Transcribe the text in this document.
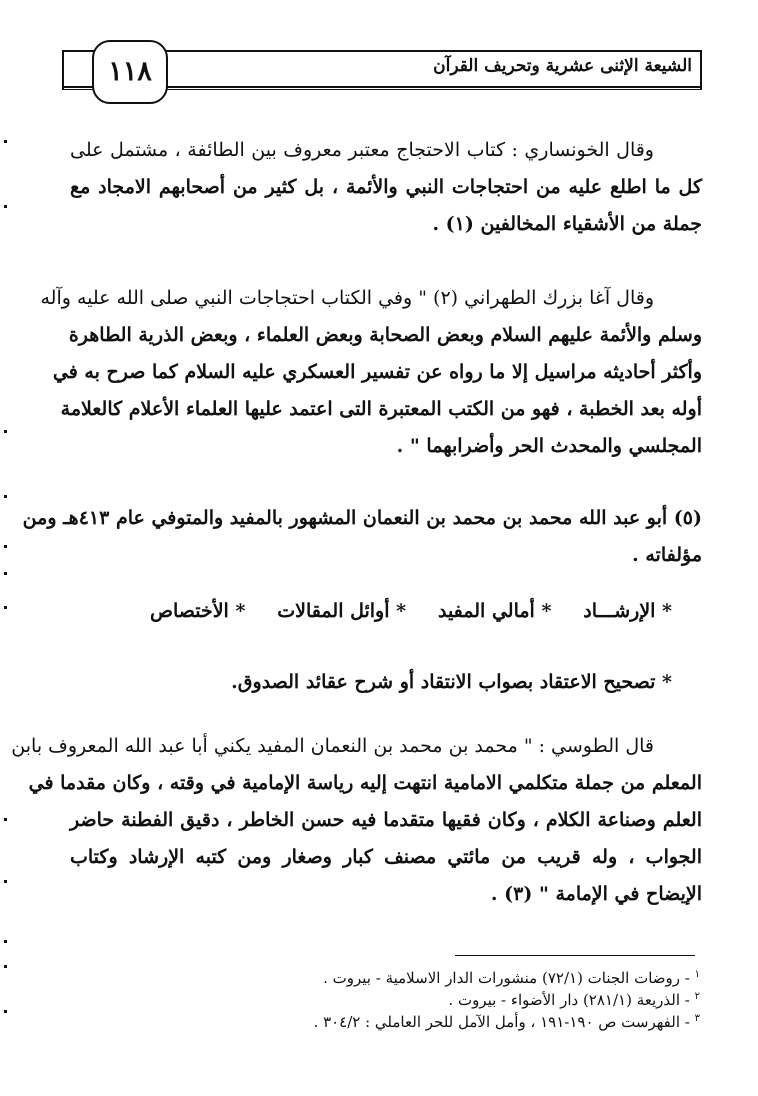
الشيعة الإثنى عشرية وتحريف القرآن
١١٨
وقال الخونساري : كتاب الاحتجاج معتبر معروف بين الطائفة ، مشتمل على
كل ما اطلع عليه من احتجاجات النبي والأئمة ، بل كثير من أصحابهم الامجاد مع
جملة من الأشقياء المخالفين (١) .
وقال آغا بزرك الطهراني (٢) " وفي الكتاب احتجاجات النبي صلى الله عليه وآله
وسلم والأئمة عليهم السلام وبعض الصحابة وبعض العلماء ، وبعض الذرية الطاهرة
وأكثر أحاديثه مراسيل إلا ما رواه عن تفسير العسكري عليه السلام كما صرح به في
أوله بعد الخطبة ، فهو من الكتب المعتبرة التى اعتمد عليها العلماء الأعلام كالعلامة
المجلسي والمحدث الحر وأضرابهما " .
(٥) أبو عبد الله محمد بن محمد بن النعمان المشهور بالمفيد والمتوفي عام ٤١٣هـ ومن
مؤلفاته .
* الإرشـــاد
* أمالي المفيد
* أوائل المقالات
* الأختصاص
* تصحيح الاعتقاد بصواب الانتقاد أو شرح عقائد الصدوق.
قال الطوسي : " محمد بن محمد بن النعمان المفيد يكني أبا عبد الله المعروف بابن
المعلم من جملة متكلمي الامامية انتهت إليه رياسة الإمامية في وقته ، وكان مقدما في
العلم وصناعة الكلام ، وكان فقيها متقدما فيه حسن الخاطر ، دقيق الفطنة حاضر
الجواب ، وله قريب من مائتي مصنف كبار وصغار ومن كتبه الإرشاد وكتاب
الإيضاح في الإمامة " (٣) .
$^١$ - روضات الجنات (٧٢/١) منشورات الدار الاسلامية - بيروت .
$^٢$ - الذريعة (٢٨١/١) دار الأضواء - بيروت .
$^٣$ - الفهرست ص ١٩٠-١٩١ ، وأمل الآمل للحر العاملي : ٣٠٤/٢ .
